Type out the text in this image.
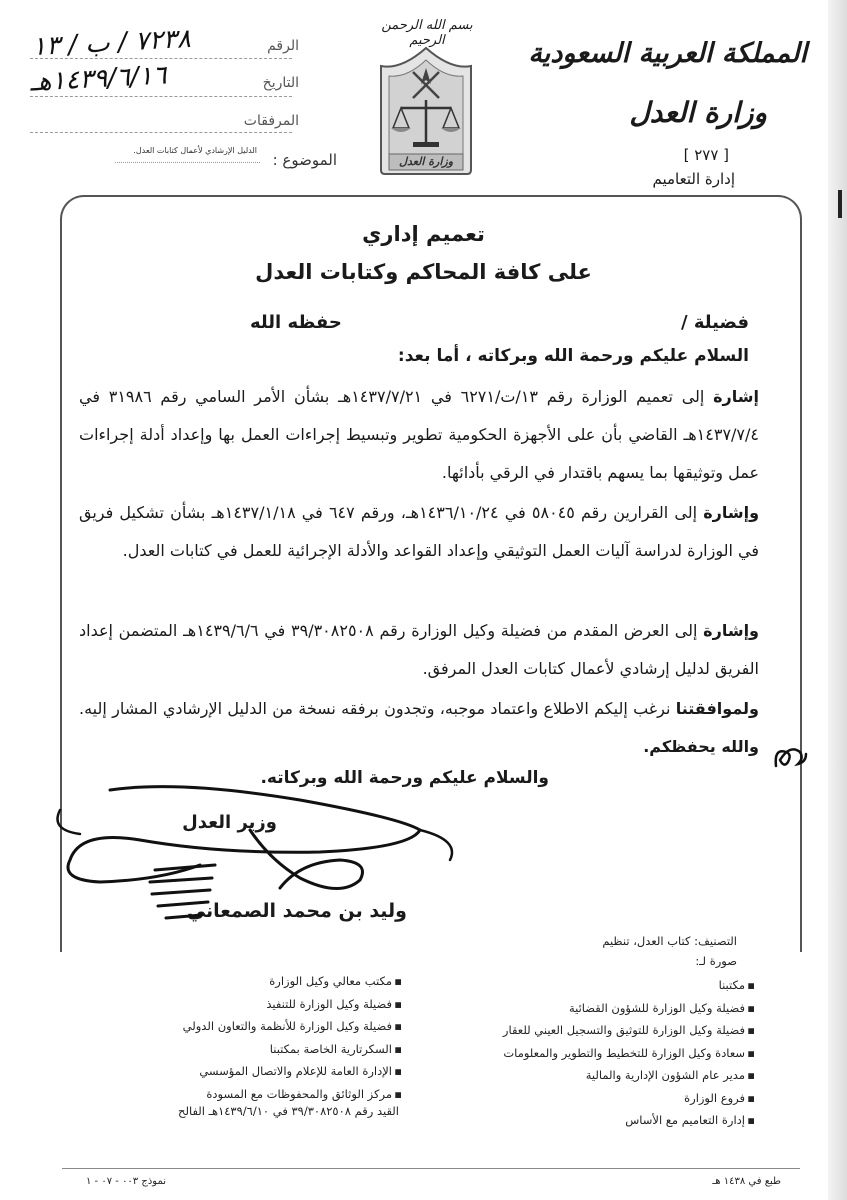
المملكة العربية السعودية
وزارة العدل
[ ٢٧٧ ]
إدارة التعاميم
بسم الله الرحمن الرحيم
وزارة العدل
الرقم
٧٢٣٨ / ب / ١٣
التاريخ
١٤٣٩/٦/١٦هـ
المرفقات
الموضوع :
الدليل الإرشادي لأعمال كتابات العدل.
تعميم إداري
على كافة المحاكم وكتابات العدل
فضيلة /
حفظه الله
السلام عليكم ورحمة الله وبركاته ، أما بعد:
إشارة إلى تعميم الوزارة رقم ١٣/ت/٦٢٧١ في ١٤٣٧/٧/٢١هـ بشأن الأمر السامي رقم ٣١٩٨٦ في ١٤٣٧/٧/٤هـ القاضي بأن على الأجهزة الحكومية تطوير وتبسيط إجراءات العمل بها وإعداد أدلة إجراءات عمل وتوثيقها بما يسهم باقتدار في الرقي بأدائها.
وإشارة إلى القرارين رقم ٥٨٠٤٥ في ١٤٣٦/١٠/٢٤هـ، ورقم ٦٤٧ في ١٤٣٧/١/١٨هـ بشأن تشكيل فريق في الوزارة لدراسة آليات العمل التوثيقي وإعداد القواعد والأدلة الإجرائية للعمل في كتابات العدل.
وإشارة إلى العرض المقدم من فضيلة وكيل الوزارة رقم ٣٩/٣٠٨٢٥٠٨ في ١٤٣٩/٦/٦هـ المتضمن إعداد الفريق لدليل إرشادي لأعمال كتابات العدل المرفق.
ولموافقتنا نرغب إليكم الاطلاع واعتماد موجبه، وتجدون برفقه نسخة من الدليل الإرشادي المشار إليه. والله يحفظكم.
والسلام عليكم ورحمة الله وبركاته.
وزير العدل
وليد بن محمد الصمعاني
التصنيف: كتاب العدل، تنظيم
صورة لـ:
▪مكتبنا
▪فضيلة وكيل الوزارة للشؤون القضائية
▪فضيلة وكيل الوزارة للتوثيق والتسجيل العيني للعقار
▪سعادة وكيل الوزارة للتخطيط والتطوير والمعلومات
▪مدير عام الشؤون الإدارية والمالية
▪فروع الوزارة
▪إدارة التعاميم مع الأساس
▪مكتب معالي وكيل الوزارة
▪فضيلة وكيل الوزارة للتنفيذ
▪فضيلة وكيل الوزارة للأنظمة والتعاون الدولي
▪السكرتارية الخاصة بمكتبنا
▪الإدارة العامة للإعلام والاتصال المؤسسي
▪مركز الوثائق والمحفوظات مع المسودة
القيد رقم ٣٩/٣٠٨٢٥٠٨ في ١٤٣٩/٦/١٠هـ الفالح
طبع في ١٤٣٨ هـ
نموذج ٠٠٣ - ٠٧ - ١
